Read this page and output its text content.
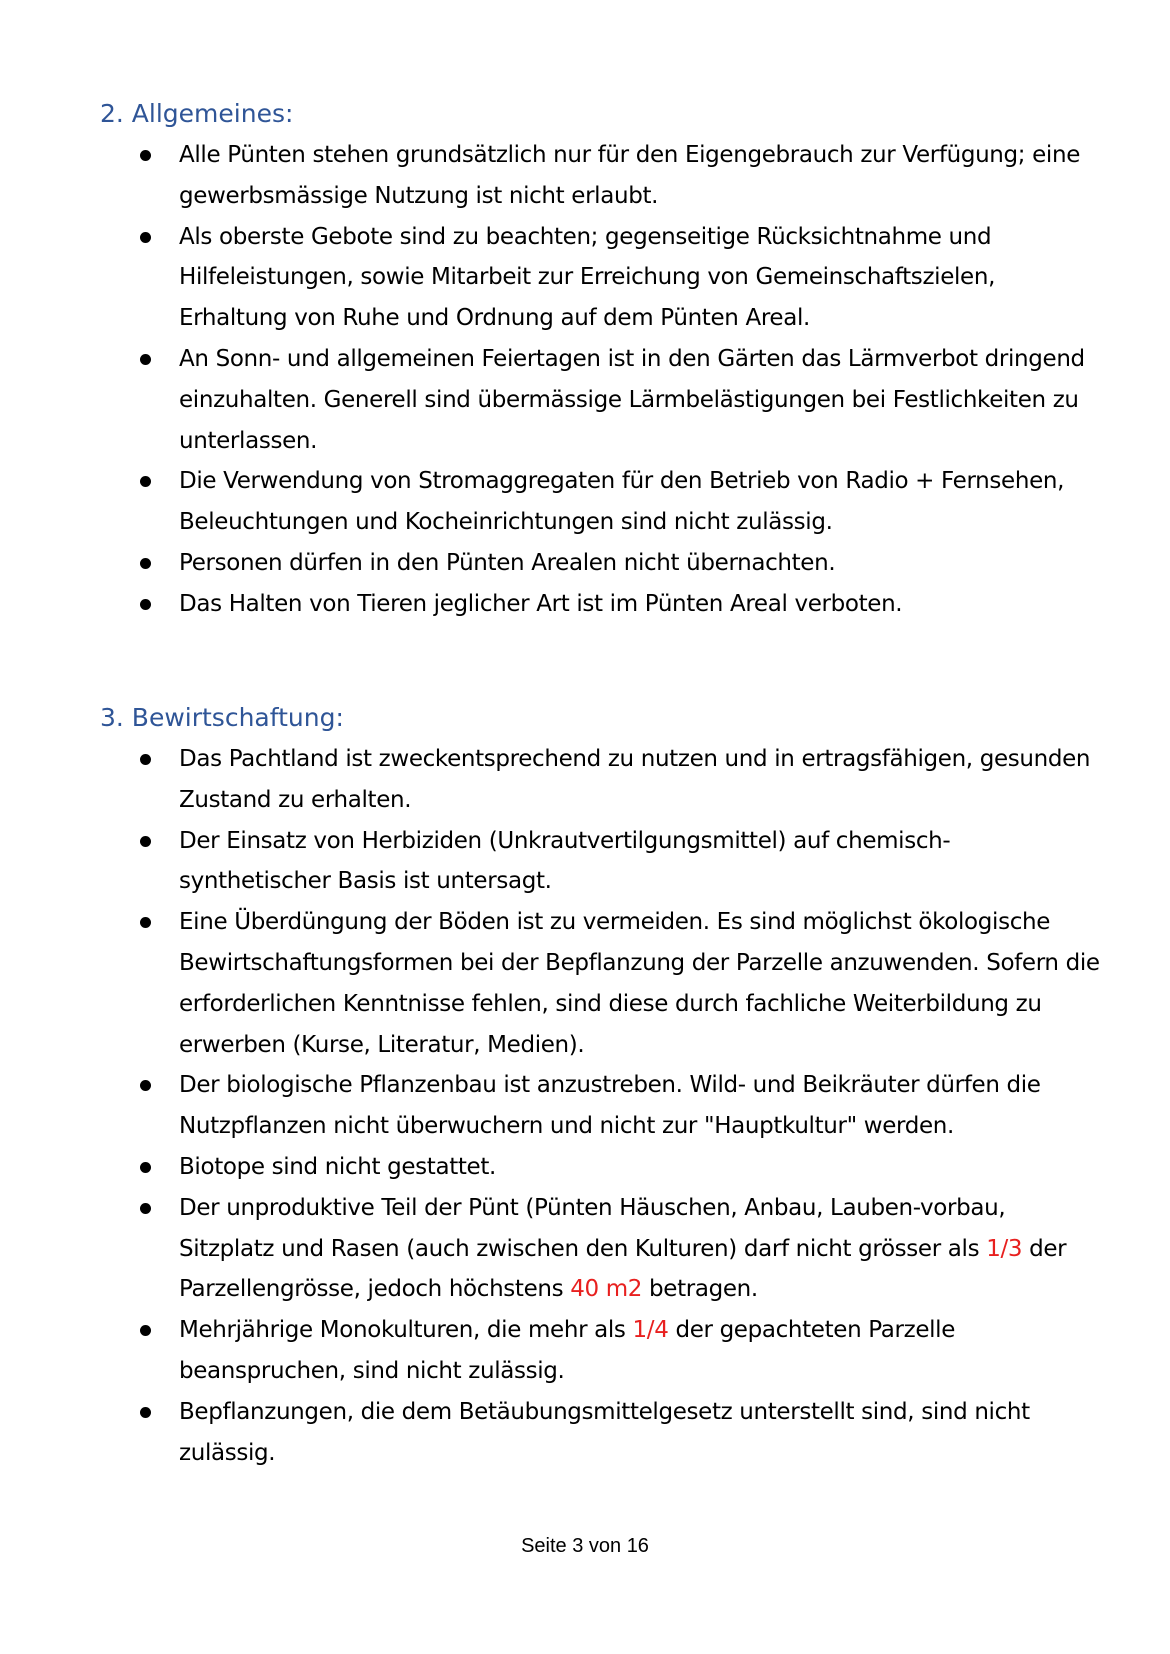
2. Allgemeines:
Alle Pünten stehen grundsätzlich nur für den Eigengebrauch zur Verfügung; eine gewerbsmässige Nutzung ist nicht erlaubt.
Als oberste Gebote sind zu beachten; gegenseitige Rücksichtnahme und Hilfeleistungen, sowie Mitarbeit zur Erreichung von Gemeinschaftszielen, Erhaltung von Ruhe und Ordnung auf dem Pünten Areal.
An Sonn- und allgemeinen Feiertagen ist in den Gärten das Lärmverbot dringend einzuhalten. Generell sind übermässige Lärmbelästigungen bei Festlichkeiten zu unterlassen.
Die Verwendung von Stromaggregaten für den Betrieb von Radio + Fernsehen, Beleuchtungen und Kocheinrichtungen sind nicht zulässig.
Personen dürfen in den Pünten Arealen nicht übernachten.
Das Halten von Tieren jeglicher Art ist im Pünten Areal verboten.
3. Bewirtschaftung:
Das Pachtland ist zweckentsprechend zu nutzen und in ertragsfähigen, gesunden Zustand zu erhalten.
Der Einsatz von Herbiziden (Unkrautvertilgungsmittel) auf chemisch-synthetischer Basis ist untersagt.
Eine Überdüngung der Böden ist zu vermeiden. Es sind möglichst ökologische Bewirtschaftungsformen bei der Bepflanzung der Parzelle anzuwenden. Sofern die erforderlichen Kenntnisse fehlen, sind diese durch fachliche Weiterbildung zu erwerben (Kurse, Literatur, Medien).
Der biologische Pflanzenbau ist anzustreben. Wild- und Beikräuter dürfen die Nutzpflanzen nicht überwuchern und nicht zur "Hauptkultur" werden.
Biotope sind nicht gestattet.
Der unproduktive Teil der Pünt (Pünten Häuschen, Anbau, Lauben-vorbau, Sitzplatz und Rasen (auch zwischen den Kulturen) darf nicht grösser als 1/3 der Parzellengrösse, jedoch höchstens 40 m2 betragen.
Mehrjährige Monokulturen, die mehr als 1/4 der gepachteten Parzelle beanspruchen, sind nicht zulässig.
Bepflanzungen, die dem Betäubungsmittelgesetz unterstellt sind, sind nicht zulässig.
Seite 3 von 16
